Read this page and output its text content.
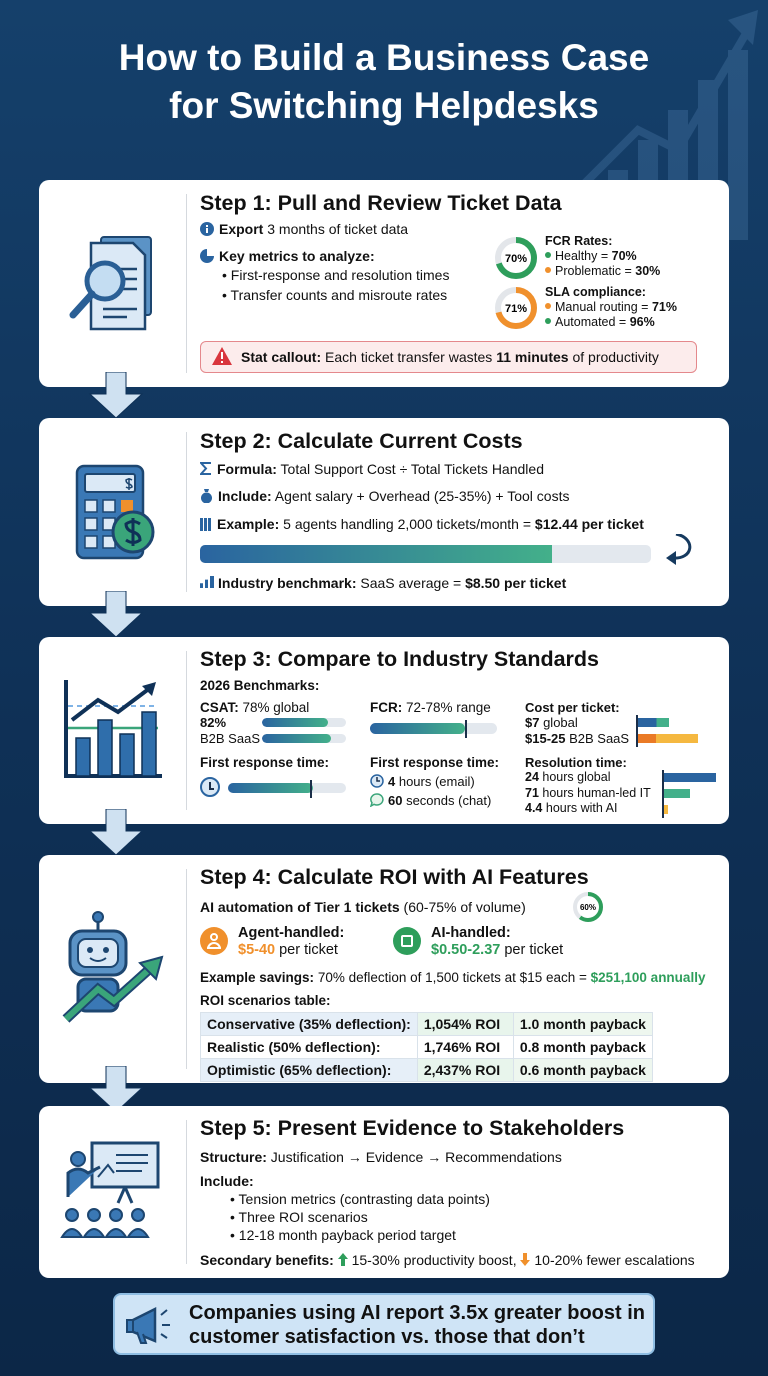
How to Build a Business Case
for Switching Helpdesks
Step 1: Pull and Review Ticket Data
Export 3 months of ticket data
Key metrics to analyze:
• First-response and resolution times
• Transfer counts and misroute rates
70%
FCR Rates:
Healthy = 70%
Problematic = 30%
71%
SLA compliance:
Manual routing = 71%
Automated = 96%
Stat callout: Each ticket transfer wastes 11 minutes of productivity
Step 2: Calculate Current Costs
Formula: Total Support Cost ÷ Total Tickets Handled
Include: Agent salary + Overhead (25-35%) + Tool costs
Example: 5 agents handling 2,000 tickets/month = $12.44 per ticket
Industry benchmark: SaaS average = $8.50 per ticket
Step 3: Compare to Industry Standards
2026 Benchmarks:
CSAT: 78% global
82%
B2B SaaS
First response time:
FCR: 72-78% range
First response time:
4 hours (email)
60 seconds (chat)
Cost per ticket:
$7 global
$15-25 B2B SaaS
Resolution time:
24 hours global
71 hours human-led IT
4.4 hours with AI
Step 4: Calculate ROI with AI Features
AI automation of Tier 1 tickets (60-75% of volume)	60%
Agent-handled:
$5-40 per ticket
AI-handled:
$0.50-2.37 per ticket
Example savings: 70% deflection of 1,500 tickets at $15 each = $251,100 annually
ROI scenarios table:
Conservative (35% deflection):	1,054% ROI	1.0 month payback
Realistic (50% deflection):	1,746% ROI	0.8 month payback
Optimistic (65% deflection):	2,437% ROI	0.6 month payback
Step 5: Present Evidence to Stakeholders
Structure: Justification → Evidence → Recommendations
Include:
• Tension metrics (contrasting data points)
• Three ROI scenarios
• 12-18 month payback period target
Secondary benefits:  15-30% productivity boost,  10-20% fewer escalations
Companies using AI report 3.5x greater boost in
customer satisfaction vs. those that don’t
